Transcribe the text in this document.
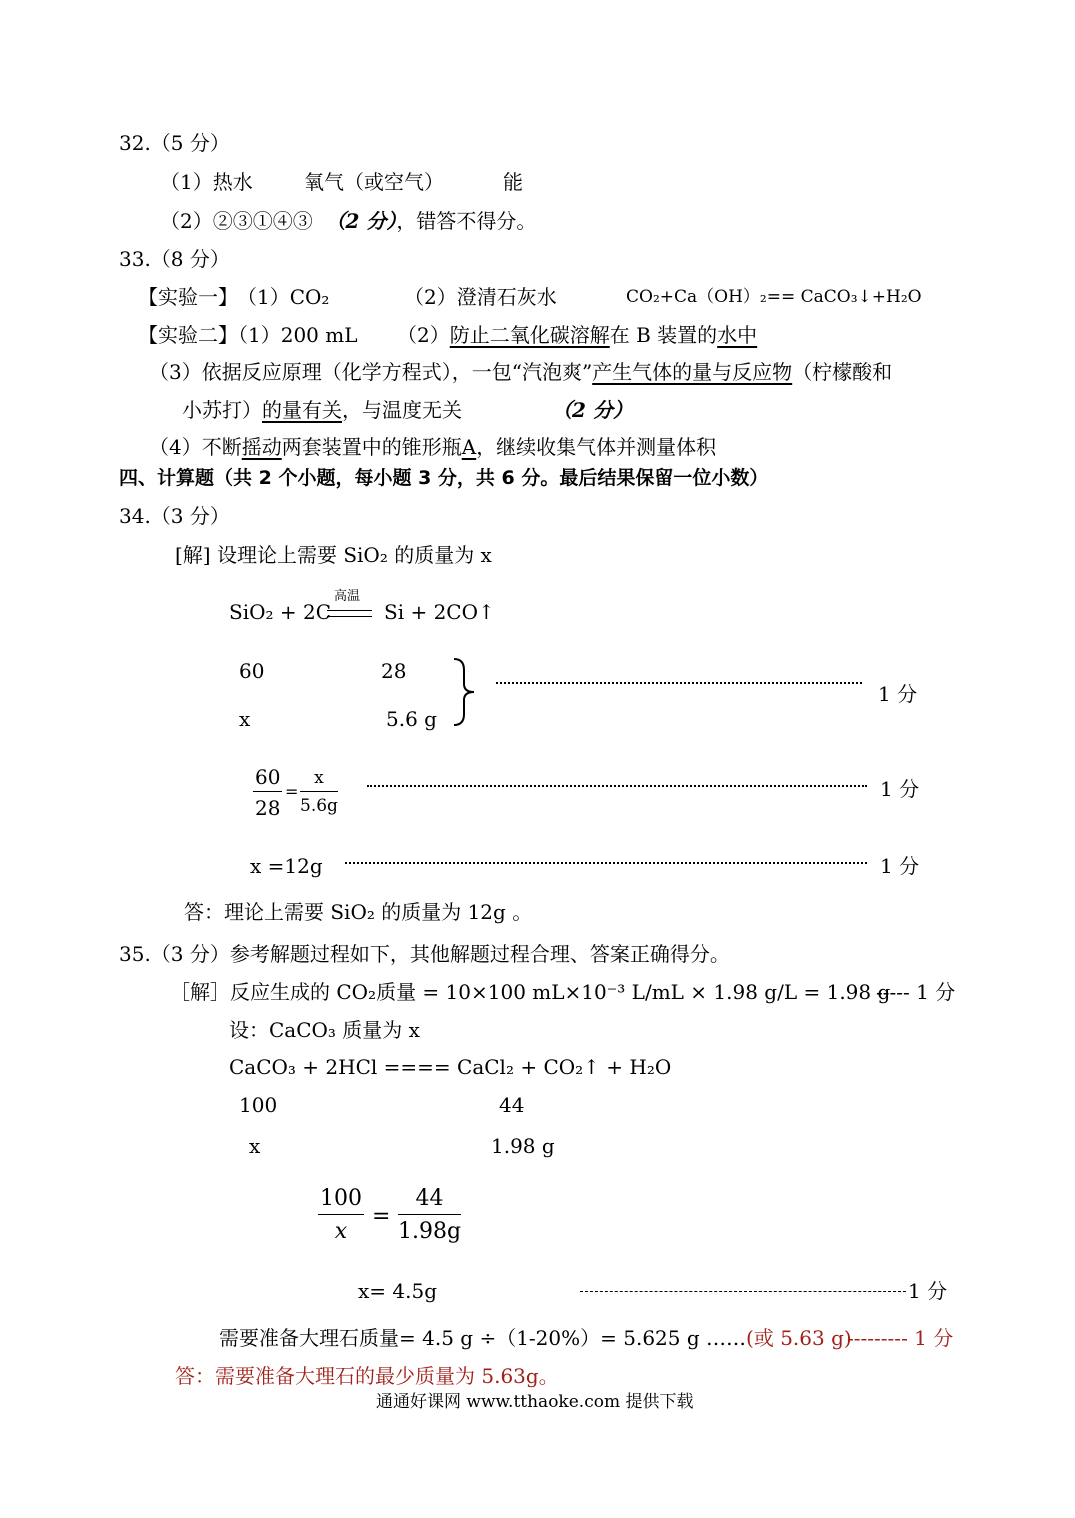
32.（5 分）
（1）热水	氧气（或空气）	能
（2）②③①④③ （2 分），错答不得分。
33.（8 分）
【实验一】 （1）CO₂	（2）澄清石灰水	CO₂+Ca（OH）₂== CaCO₃↓+H₂O
【实验二】（1）200 mL （2）防止二氧化碳溶解在 B 装置的水中
（3）依据反应原理（化学方程式），一包“汽泡爽”产生气体的量与反应物（柠檬酸和
小苏打）的量有关，与温度无关	（2 分）
（4）不断摇动两套装置中的锥形瓶A，继续收集气体并测量体积
四、计算题（共 2 个小题，每小题 3 分，共 6 分。最后结果保留一位小数）
34.（3 分）
[解] 设理论上需要 SiO₂ 的质量为 x
SiO₂ + 2C
高温
Si + 2CO↑
60	28
x	5.6 g
1 分
$\frac{60}{28} = \frac{x}{5.6g}$	1 分
x =12g	1 分
答：理论上需要 SiO₂ 的质量为 12g 。
35.（3 分）参考解题过程如下，其他解题过程合理、答案正确得分。
［解］反应生成的 CO₂质量 = 10×100 mL×10⁻³ L/mL × 1.98 g/L = 1.98 g
----- 1 分
设：CaCO₃ 质量为 x
CaCO₃ + 2HCl ==== CaCl₂ + CO₂↑ + H₂O
100	44
x	1.98 g
$\frac{100}{x} = \frac{44}{1.98g}$
x= 4.5g	1 分
需要准备大理石质量= 4.5 g ÷（1-20%）= 5.625 g ……(或 5.63 g)
--------- 1 分
答：需要准备大理石的最少质量为 5.63g。
通通好课网 www.tthaoke.com 提供下载
